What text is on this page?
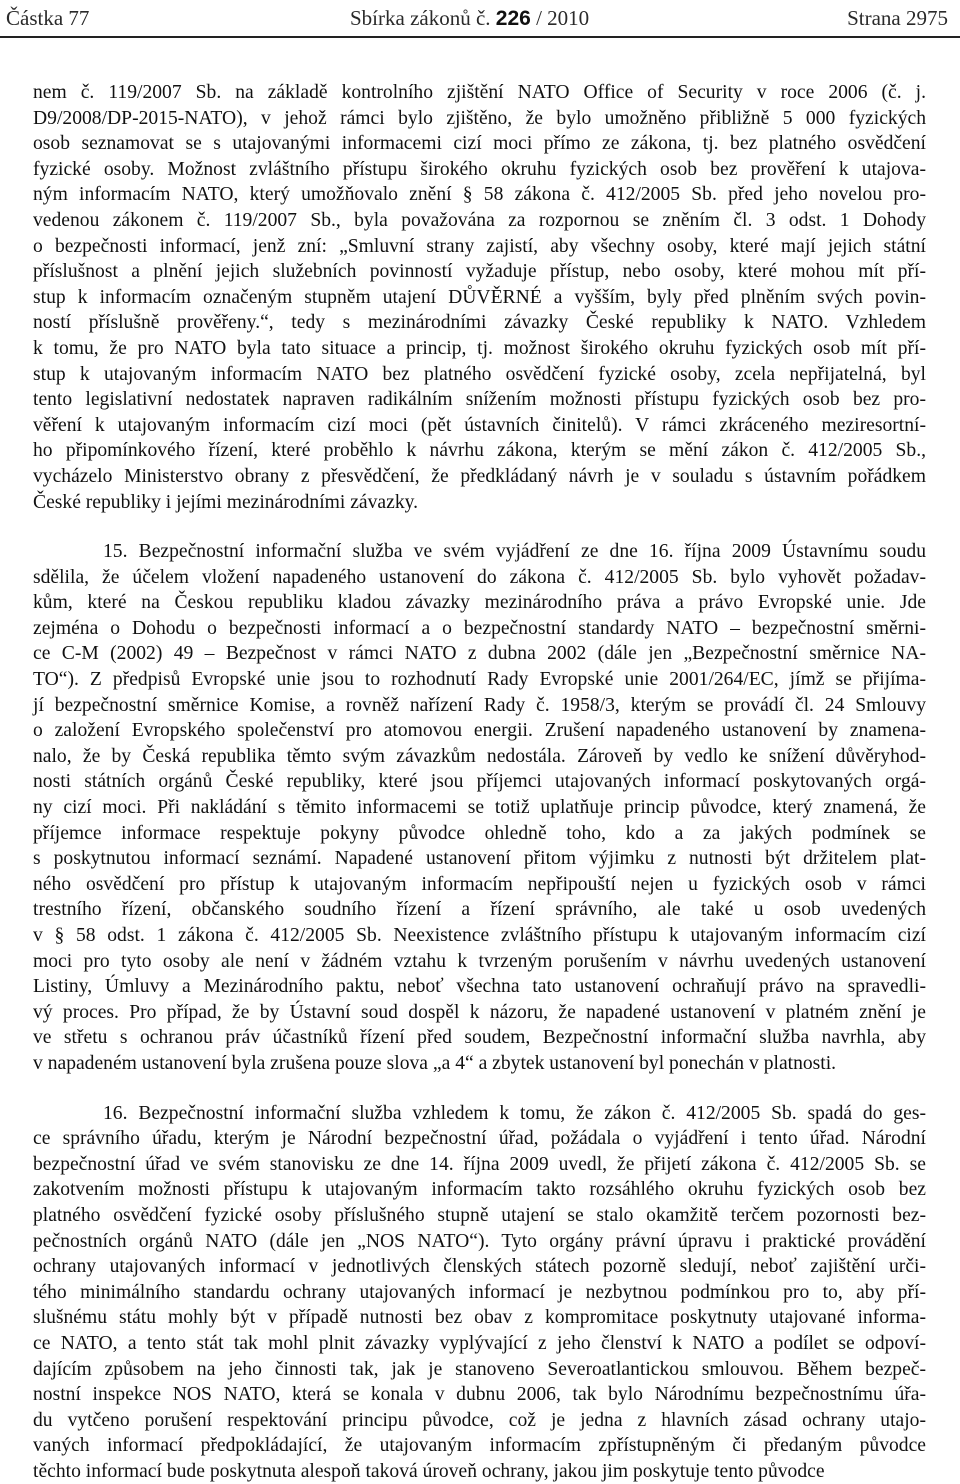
Částka 77	Sbírka zákonů č. 226 / 2010	Strana 2975
nem č. 119/2007 Sb. na základě kontrolního zjištění NATO Office of Security v roce 2006 (č. j.
D9/2008/DP-2015-NATO), v jehož rámci bylo zjištěno, že bylo umožněno přibližně 5 000 fyzických
osob seznamovat se s utajovanými informacemi cizí moci přímo ze zákona, tj. bez platného osvědčení
fyzické osoby. Možnost zvláštního přístupu širokého okruhu fyzických osob bez prověření k utajova-
ným informacím NATO, který umožňovalo znění § 58 zákona č. 412/2005 Sb. před jeho novelou pro-
vedenou zákonem č. 119/2007 Sb., byla považována za rozpornou se zněním čl. 3 odst. 1 Dohody
o bezpečnosti informací, jenž zní: „Smluvní strany zajistí, aby všechny osoby, které mají jejich státní
příslušnost a plnění jejich služebních povinností vyžaduje přístup, nebo osoby, které mohou mít pří-
stup k informacím označeným stupněm utajení DŮVĚRNÉ a vyšším, byly před plněním svých povin-
ností příslušně prověřeny.“, tedy s mezinárodními závazky České republiky k NATO. Vzhledem
k tomu, že pro NATO byla tato situace a princip, tj. možnost širokého okruhu fyzických osob mít pří-
stup k utajovaným informacím NATO bez platného osvědčení fyzické osoby, zcela nepřijatelná, byl
tento legislativní nedostatek napraven radikálním snížením možnosti přístupu fyzických osob bez pro-
věření k utajovaným informacím cizí moci (pět ústavních činitelů). V rámci zkráceného meziresortní-
ho připomínkového řízení, které proběhlo k návrhu zákona, kterým se mění zákon č. 412/2005 Sb.,
vycházelo Ministerstvo obrany z přesvědčení, že předkládaný návrh je v souladu s ústavním pořádkem
České republiky i jejími mezinárodními závazky.
15. Bezpečnostní informační služba ve svém vyjádření ze dne 16. října 2009 Ústavnímu soudu
sdělila, že účelem vložení napadeného ustanovení do zákona č. 412/2005 Sb. bylo vyhovět požadav-
kům, které na Českou republiku kladou závazky mezinárodního práva a právo Evropské unie. Jde
zejména o Dohodu o bezpečnosti informací a o bezpečnostní standardy NATO – bezpečnostní směrni-
ce C-M (2002) 49 – Bezpečnost v rámci NATO z dubna 2002 (dále jen „Bezpečnostní směrnice NA-
TO“). Z předpisů Evropské unie jsou to rozhodnutí Rady Evropské unie 2001/264/EC, jímž se přijíma-
jí bezpečnostní směrnice Komise, a rovněž nařízení Rady č. 1958/3, kterým se provádí čl. 24 Smlouvy
o založení Evropského společenství pro atomovou energii. Zrušení napadeného ustanovení by znamena-
nalo, že by Česká republika těmto svým závazkům nedostála. Zároveň by vedlo ke snížení důvěryhod-
nosti státních orgánů České republiky, které jsou příjemci utajovaných informací poskytovaných orgá-
ny cizí moci. Při nakládání s těmito informacemi se totiž uplatňuje princip původce, který znamená, že
příjemce informace respektuje pokyny původce ohledně toho, kdo a za jakých podmínek se
s poskytnutou informací seznámí. Napadené ustanovení přitom výjimku z nutnosti být držitelem plat-
ného osvědčení pro přístup k utajovaným informacím nepřipouští nejen u fyzických osob v rámci
trestního řízení, občanského soudního řízení a řízení správního, ale také u osob uvedených
v § 58 odst. 1 zákona č. 412/2005 Sb. Neexistence zvláštního přístupu k utajovaným informacím cizí
moci pro tyto osoby ale není v žádném vztahu k tvrzeným porušením v návrhu uvedených ustanovení
Listiny, Úmluvy a Mezinárodního paktu, neboť všechna tato ustanovení ochraňují právo na spravedli-
vý proces. Pro případ, že by Ústavní soud dospěl k názoru, že napadené ustanovení v platném znění je
ve střetu s ochranou práv účastníků řízení před soudem, Bezpečnostní informační služba navrhla, aby
v napadeném ustanovení byla zrušena pouze slova „a 4“ a zbytek ustanovení byl ponechán v platnosti.
16. Bezpečnostní informační služba vzhledem k tomu, že zákon č. 412/2005 Sb. spadá do ges-
ce správního úřadu, kterým je Národní bezpečnostní úřad, požádala o vyjádření i tento úřad. Národní
bezpečnostní úřad ve svém stanovisku ze dne 14. října 2009 uvedl, že přijetí zákona č. 412/2005 Sb. se
zakotvením možnosti přístupu k utajovaným informacím takto rozsáhlého okruhu fyzických osob bez
platného osvědčení fyzické osoby příslušného stupně utajení se stalo okamžitě terčem pozornosti bez-
pečnostních orgánů NATO (dále jen „NOS NATO“). Tyto orgány právní úpravu i praktické provádění
ochrany utajovaných informací v jednotlivých členských státech pozorně sledují, neboť zajištění urči-
tého minimálního standardu ochrany utajovaných informací je nezbytnou podmínkou pro to, aby pří-
slušnému státu mohly být v případě nutnosti bez obav z kompromitace poskytnuty utajované informa-
ce NATO, a tento stát tak mohl plnit závazky vyplývající z jeho členství k NATO a podílet se odpoví-
dajícím způsobem na jeho činnosti tak, jak je stanoveno Severoatlantickou smlouvou. Během bezpeč-
nostní inspekce NOS NATO, která se konala v dubnu 2006, tak bylo Národnímu bezpečnostnímu úřa-
du vytčeno porušení respektování principu původce, což je jedna z hlavních zásad ochrany utajo-
vaných informací předpokládající, že utajovaným informacím zpřístupněným či předaným původce
těchto informací bude poskytnuta alespoň taková úroveň ochrany, jakou jim poskytuje tento původce
